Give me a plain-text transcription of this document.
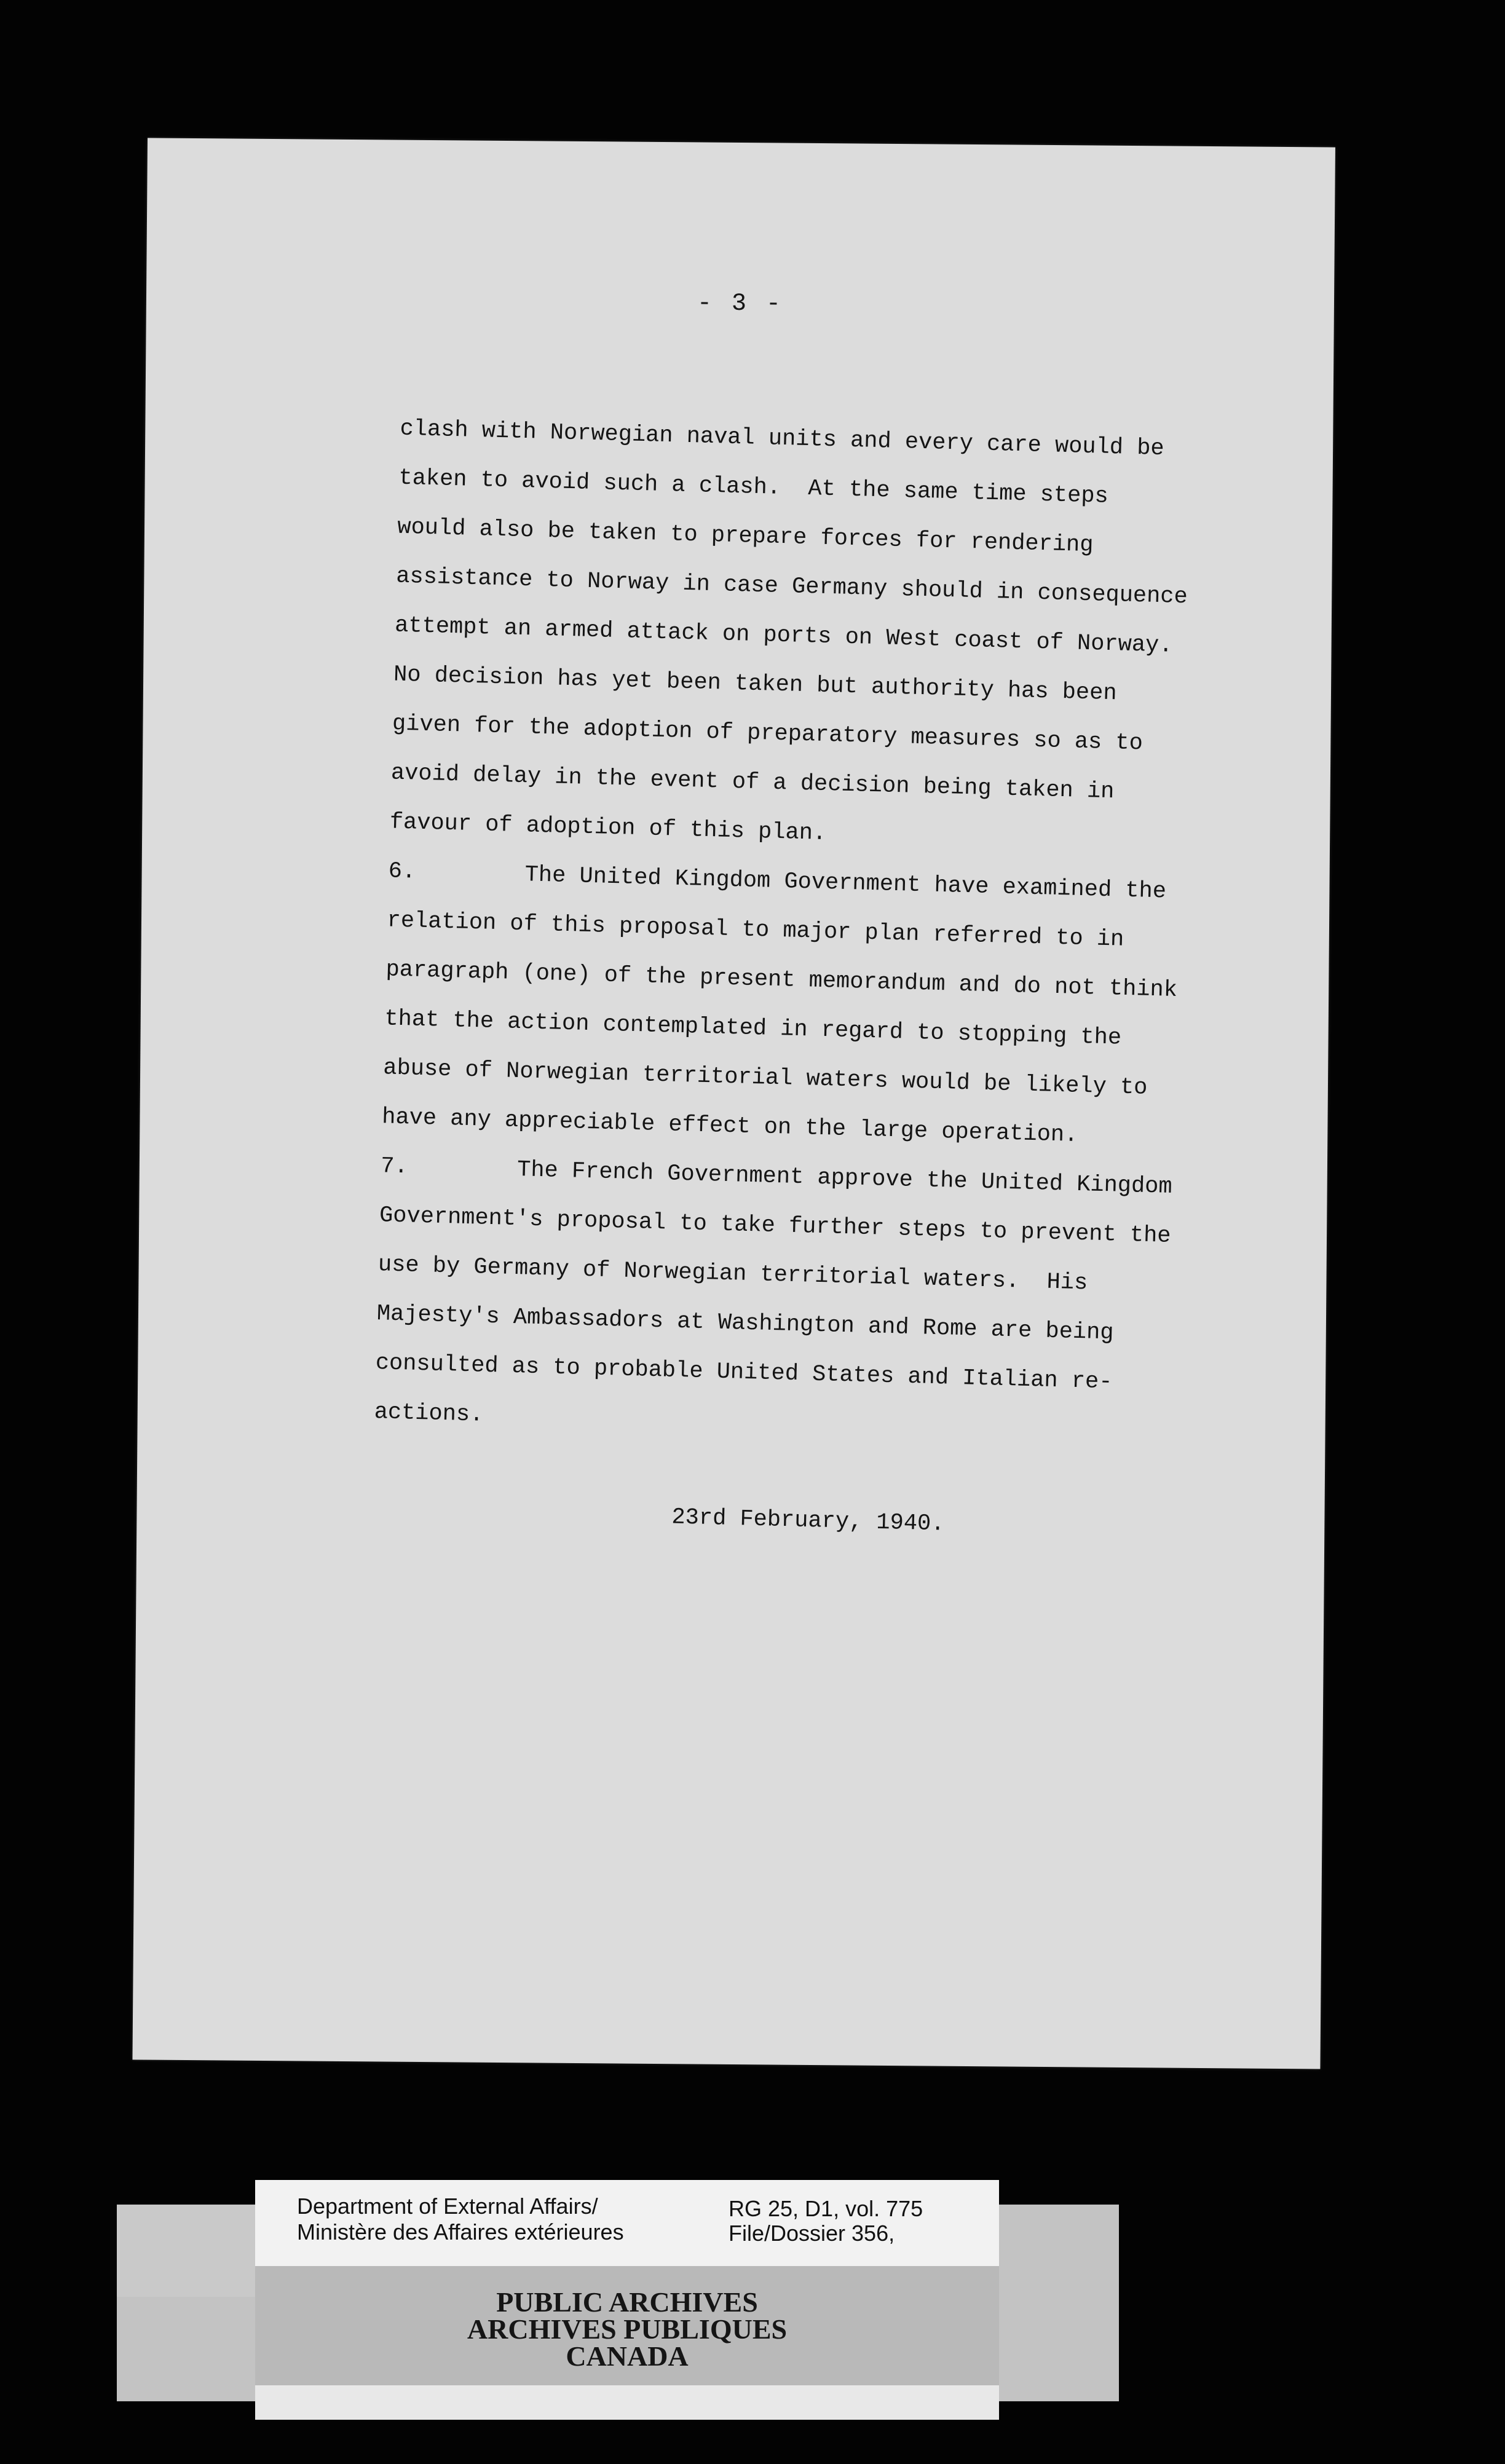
- 3 -
clash with Norwegian naval units and every care would be
taken to avoid such a clash.  At the same time steps
would also be taken to prepare forces for rendering
assistance to Norway in case Germany should in consequence
attempt an armed attack on ports on West coast of Norway.
No decision has yet been taken but authority has been
given for the adoption of preparatory measures so as to
avoid delay in the event of a decision being taken in
favour of adoption of this plan.
6.        The United Kingdom Government have examined the
relation of this proposal to major plan referred to in
paragraph (one) of the present memorandum and do not think
that the action contemplated in regard to stopping the
abuse of Norwegian territorial waters would be likely to
have any appreciable effect on the large operation.
7.        The French Government approve the United Kingdom
Government's proposal to take further steps to prevent the
use by Germany of Norwegian territorial waters.  His
Majesty's Ambassadors at Washington and Rome are being
consulted as to probable United States and Italian re-
actions.
23rd February, 1940.
Department of External Affairs/
Ministère des Affaires extérieures
RG 25, D1, vol. 775
File/Dossier 356,
PUBLIC ARCHIVES
ARCHIVES PUBLIQUES
CANADA
